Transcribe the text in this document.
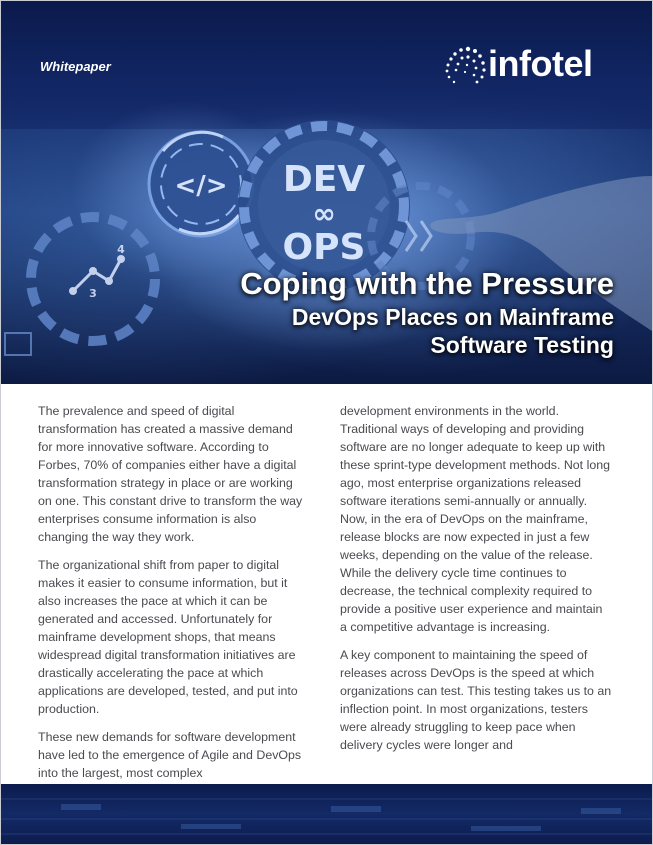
</> DEV
∞
OPS
3
4
Whitepaper	infotel
Coping with the Pressure
DevOps Places on Mainframe
Software Testing

The prevalence and speed of digital transformation has created a massive demand for more innovative software. According to Forbes, 70% of companies either have a digital transformation strategy in place or are working on one. This constant drive to transform the way enterprises consume information is also changing the way they work.

The organizational shift from paper to digital makes it easier to consume information, but it also increases the pace at which it can be generated and accessed. Unfortunately for mainframe development shops, that means widespread digital transformation initiatives are drastically accelerating the pace at which applications are developed, tested, and put into production.

These new demands for software development have led to the emergence of Agile and DevOps into the largest, most complex

development environments in the world. Traditional ways of developing and providing software are no longer adequate to keep up with these sprint-type development methods. Not long ago, most enterprise organizations released software iterations semi-annually or annually. Now, in the era of DevOps on the mainframe, release blocks are now expected in just a few weeks, depending on the value of the release. While the delivery cycle time continues to decrease, the technical complexity required to provide a positive user experience and maintain a competitive advantage is increasing.

A key component to maintaining the speed of releases across DevOps is the speed at which organizations can test. This testing takes us to an inflection point. In most organizations, testers were already struggling to keep pace when delivery cycles were longer and
